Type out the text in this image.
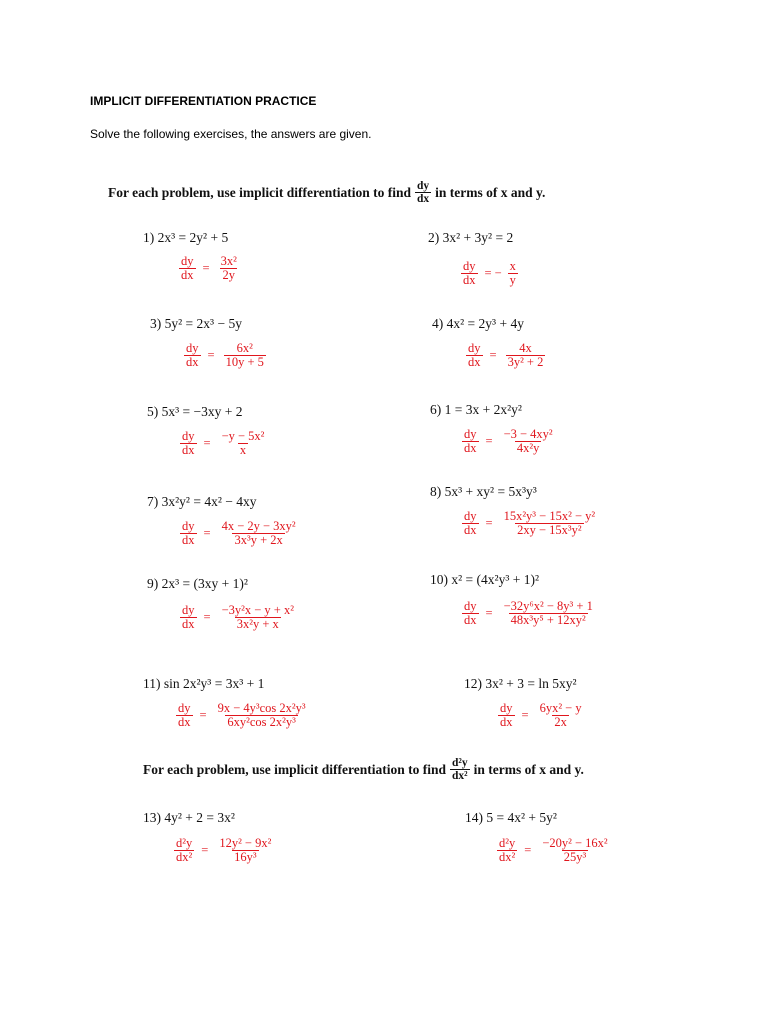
IMPLICIT DIFFERENTIATION PRACTICE
Solve the following exercises, the answers are given.
For each problem, use implicit differentiation to find $\frac{dy}{dx}$ in terms of x and y.
1) 2x³ = 2y² + 5
$\frac{dy}{dx} = \frac{\text{3x²}}{2y}$
2) 3x² + 3y² = 2
$\frac{dy}{dx}$ = − $\frac{x}{y}$
3) 5y² = 2x³ − 5y
$\frac{dy}{dx} = \frac{\text{6x²}}{10y + 5}$
4) 4x² = 2y³ + 4y
$\frac{dy}{dx} = \frac{4x}{\text{3y² + 2}}$
5) 5x³ = −3xy + 2
$\frac{dy}{dx} = \frac{\text{−y − 5x²}}{x}$
6) 1 = 3x + 2x²y²
$\frac{dy}{dx} = \frac{\text{−3 − 4xy²}}{\text{4x²y}}$
7) 3x²y² = 4x² − 4xy
$\frac{dy}{dx} = \frac{\text{4x − 2y − 3xy²}}{\text{3x³y + 2x}}$
8) 5x³ + xy² = 5x³y³
$\frac{dy}{dx} = \frac{\text{15x²y³ − 15x² − y²}}{\text{2xy − 15x³y²}}$
9) 2x³ = (3xy + 1)²
$\frac{dy}{dx} = \frac{\text{−3y²x − y + x²}}{\text{3x²y + x}}$
10) x² = (4x²y³ + 1)²
$\frac{dy}{dx} = \frac{\text{−32y⁶x² − 8y³ + 1}}{\text{48x³y⁵ + 12xy²}}$
11) sin 2x²y³ = 3x³ + 1
$\frac{dy}{dx} = \frac{\text{9x − 4y³cos 2x²y³}}{\text{6xy²cos 2x²y³}}$
12) 3x² + 3 = ln 5xy²
$\frac{dy}{dx} = \frac{\text{6yx² − y}}{2x}$
For each problem, use implicit differentiation to find $\frac{\text{d²y}}{\text{dx²}}$ in terms of x and y.
13) 4y² + 2 = 3x²
$\frac{\text{d²y}}{\text{dx²}} = \frac{\text{12y² − 9x²}}{\text{16y³}}$
14) 5 = 4x² + 5y²
$\frac{\text{d²y}}{\text{dx²}} = \frac{\text{−20y² − 16x²}}{\text{25y³}}$
